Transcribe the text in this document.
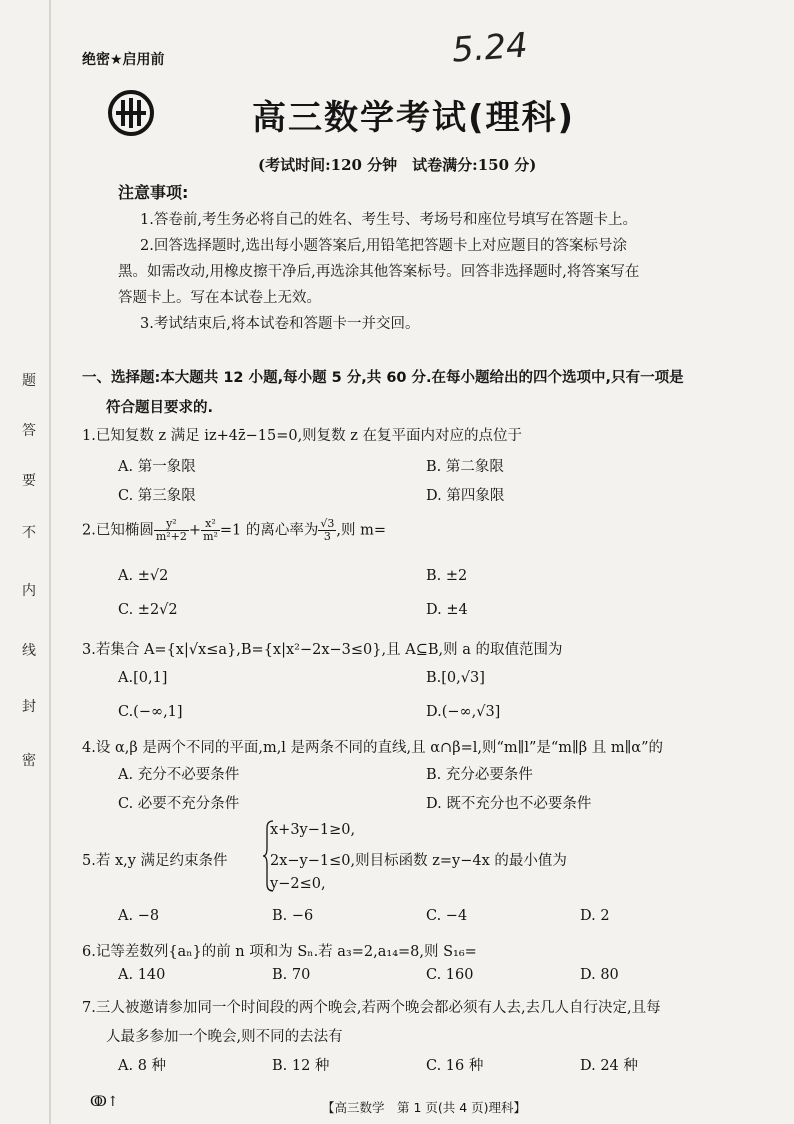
绝密★启用前	5.24
高三数学考试(理科)
(考试时间:120 分钟　试卷满分:150 分)
注意事项:
1.答卷前,考生务必将自己的姓名、考生号、考场号和座位号填写在答题卡上。
2.回答选择题时,选出每小题答案后,用铅笔把答题卡上对应题目的答案标号涂
黑。如需改动,用橡皮擦干净后,再选涂其他答案标号。回答非选择题时,将答案写在
答题卡上。写在本试卷上无效。
3.考试结束后,将本试卷和答题卡一并交回。
题
答
要
不
内
线
封
密
一、选择题:本大题共 12 小题,每小题 5 分,共 60 分.在每小题给出的四个选项中,只有一项是
符合题目要求的.
1.已知复数 z 满足 iz+4z̄−15=0,则复数 z 在复平面内对应的点位于
A. 第一象限	B. 第二象限
C. 第三象限	D. 第四象限
2.已知椭圆 $\frac{\text{y²}}{\text{m²+2}} + \frac{\text{x²}}{\text{m²}} =1$ 的离心率为 $\frac{√3}{3}$ ,则 m=
A. ±√2	B. ±2
C. ±2√2	D. ±4
3.若集合 A={x|√x≤a},B={x|x²−2x−3≤0},且 A⊆B,则 a 的取值范围为
A.[0,1]	B.[0,√3]
C.(−∞,1]	D.(−∞,√3]
4.设 α,β 是两个不同的平面,m,l 是两条不同的直线,且 α∩β=l,则“m∥l”是“m∥β 且 m∥α”的
A. 充分不必要条件	B. 充分必要条件
C. 必要不充分条件	D. 既不充分也不必要条件
5.若 x,y 满足约束条件
x+3y−1≥0,
2x−y−1≤0,则目标函数 z=y−4x 的最小值为
y−2≤0,
A. −8	B. −6	C. −4	D. 2
6.记等差数列{aₙ}的前 n 项和为 Sₙ.若 a₃=2,a₁₄=8,则 S₁₆=
A. 140	B. 70	C. 160	D. 80
7.三人被邀请参加同一个时间段的两个晚会,若两个晚会都必须有人去,去几人自行决定,且每
人最多参加一个晚会,则不同的去法有
A. 8 种	B. 12 种	C. 16 种	D. 24 种
ↂ↑	【高三数学　第 1 页(共 4 页)理科】
